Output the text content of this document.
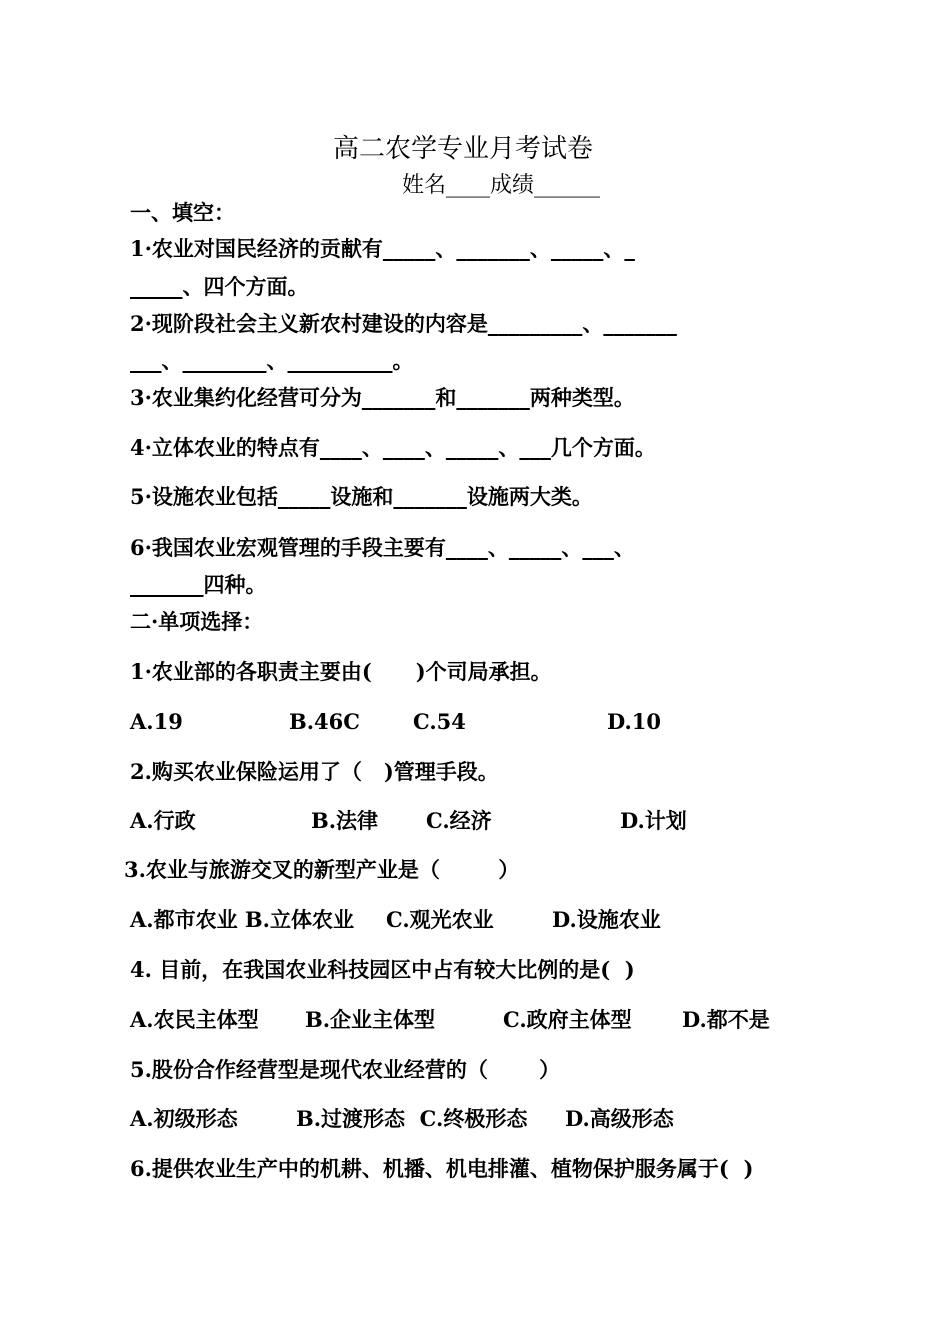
高二农学专业月考试卷
姓名____成绩______
一、填空：
1·农业对国民经济的贡献有_____、_______、_____、_
_____、四个方面。
2·现阶段社会主义新农村建设的内容是_________、_______
___、________、__________。
3·农业集约化经营可分为_______和_______两种类型。
4·立体农业的特点有____、____、_____、___几个方面。
5·设施农业包括_____设施和_______设施两大类。
6·我国农业宏观管理的手段主要有____、_____、___、
_______四种。
二·单项选择：
1·农业部的各职责主要由(      )个司局承担。
A.19	B.46C	C.54	D.10
2.购买农业保险运用了（   )管理手段。
A.行政	B.法律 C.经济	D.计划
3.农业与旅游交叉的新型产业是（        ）
A.都市农业 B.立体农业 C.观光农业	D.设施农业
4. 目前，在我国农业科技园区中占有较大比例的是(  )
A.农民主体型 B.企业主体型	C.政府主体型 D.都不是
5.股份合作经营型是现代农业经营的（       ）
A.初级形态	B.过渡形态  C.终极形态 D.高级形态
6.提供农业生产中的机耕、机播、机电排灌、植物保护服务属于(  )
